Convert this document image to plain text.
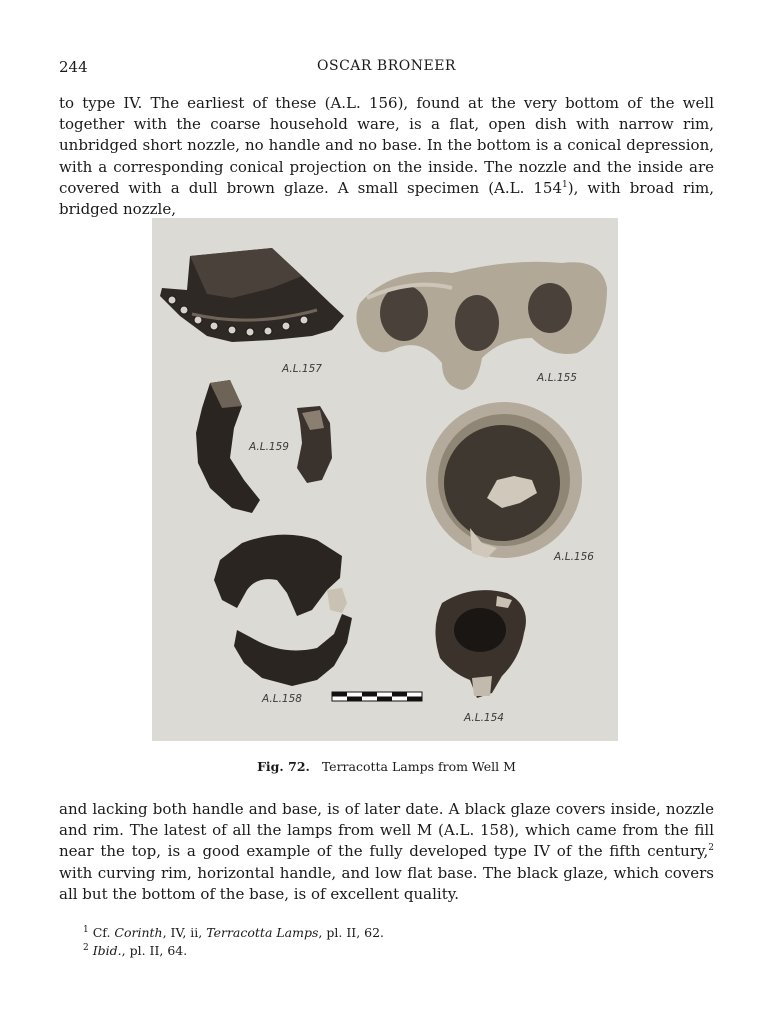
244	OSCAR BRONEER

to type IV. The earliest of these (A.L. 156), found at the very bottom of the well together with the coarse household ware, is a flat, open dish with narrow rim, unbridged short nozzle, no handle and no base. In the bottom is a conical depression, with a corresponding conical projection on the inside. The nozzle and the inside are covered with a dull brown glaze. A small specimen (A.L. $154^1$), with broad rim, bridged nozzle,

A.L.157
A.L.155
A.L.159
A.L.156
A.L.158
A.L.154
Fig. 72. Terracotta Lamps from Well M

and lacking both handle and base, is of later date. A black glaze covers inside, nozzle and rim. The latest of all the lamps from well M (A.L. 158), which came from the fill near the top, is a good example of the fully developed type IV of the fifth century,$^2$ with curving rim, horizontal handle, and low flat base. The black glaze, which covers all but the bottom of the base, is of excellent quality.

$^1$ Cf. Corinth, IV, ii, Terracotta Lamps, pl. II, 62.
$^2$ Ibid., pl. II, 64.
